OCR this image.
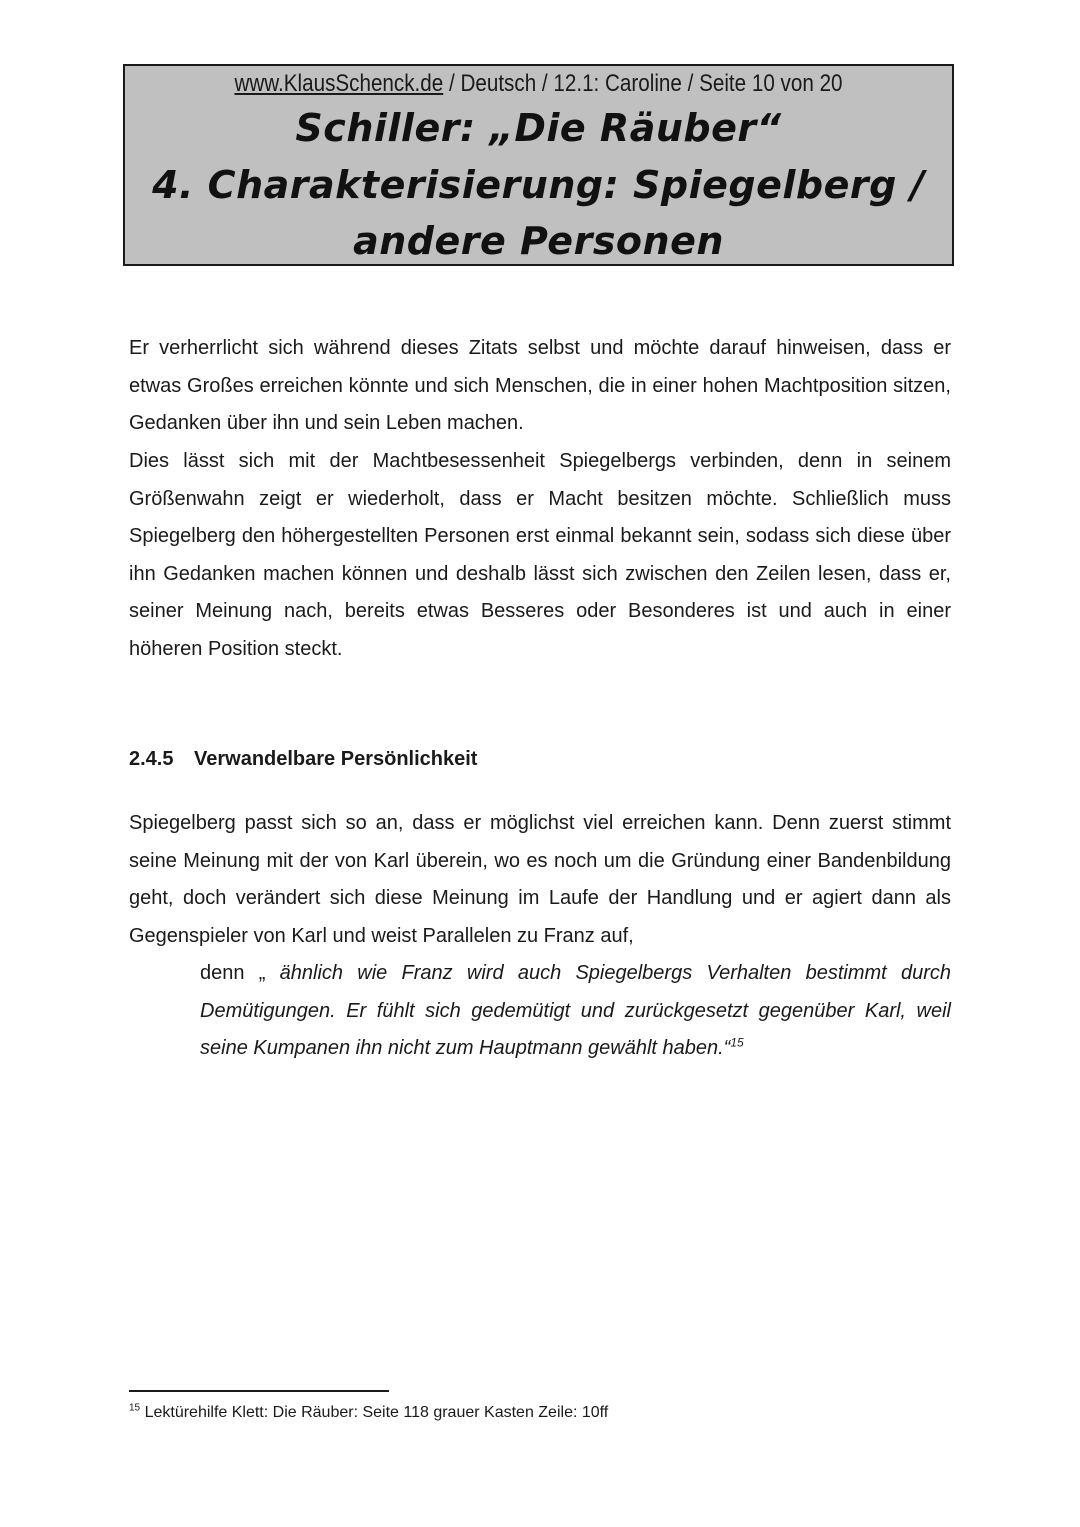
www.KlausSchenck.de / Deutsch / 12.1: Caroline / Seite 10 von 20
Schiller: „Die Räuber“
4. Charakterisierung: Spiegelberg /
andere Personen

Er verherrlicht sich während dieses Zitats selbst und möchte darauf hinweisen, dass er etwas Großes erreichen könnte und sich Menschen, die in einer hohen Machtposition sitzen, Gedanken über ihn und sein Leben machen.

Dies lässt sich mit der Machtbesessenheit Spiegelbergs verbinden, denn in seinem Größenwahn zeigt er wiederholt, dass er Macht besitzen möchte. Schließlich muss Spiegelberg den höhergestellten Personen erst einmal bekannt sein, sodass sich diese über ihn Gedanken machen können und deshalb lässt sich zwischen den Zeilen lesen, dass er, seiner Meinung nach, bereits etwas Besseres oder Besonderes ist und auch in einer höheren Position steckt.

2.4.5 Verwandelbare Persönlichkeit

Spiegelberg passt sich so an, dass er möglichst viel erreichen kann. Denn zuerst stimmt seine Meinung mit der von Karl überein, wo es noch um die Gründung einer Bandenbildung geht, doch verändert sich diese Meinung im Laufe der Handlung und er agiert dann als Gegenspieler von Karl und weist Parallelen zu Franz auf,

denn „ ähnlich wie Franz wird auch Spiegelbergs Verhalten bestimmt durch Demütigungen. Er fühlt sich gedemütigt und zurückgesetzt gegenüber Karl, weil seine Kumpanen ihn nicht zum Hauptmann gewählt haben.“$^{15}$

$^{15}$ Lektürehilfe Klett: Die Räuber: Seite 118 grauer Kasten Zeile: 10ff
